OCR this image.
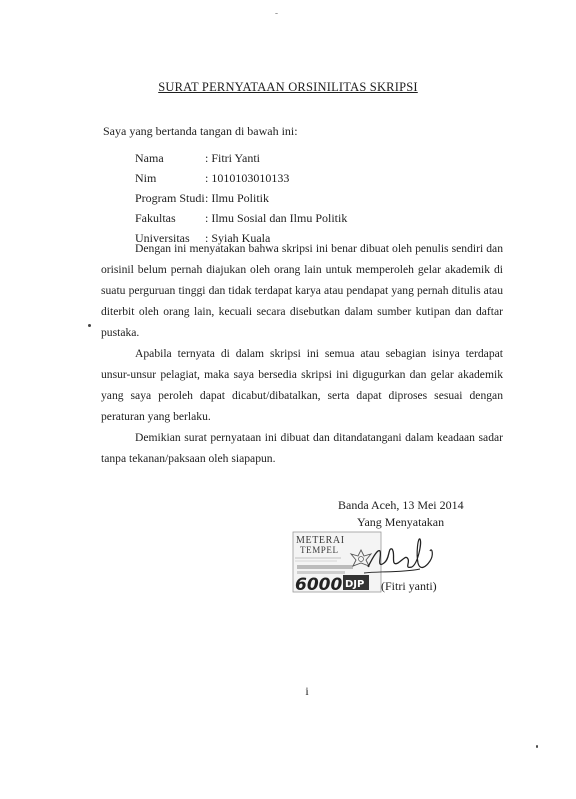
SURAT PERNYATAAN ORSINILITAS SKRIPSI
Saya yang bertanda tangan di bawah ini:
Nama	: Fitri Yanti
Nim	: 1010103010133
Program Studi : Ilmu Politik
Fakultas	: Ilmu Sosial dan Ilmu Politik
Universitas	: Syiah Kuala
Dengan ini menyatakan bahwa skripsi ini benar dibuat oleh penulis sendiri dan orisinil belum pernah diajukan oleh orang lain untuk memperoleh gelar akademik di suatu perguruan tinggi dan tidak terdapat karya atau pendapat yang pernah ditulis atau diterbit oleh orang lain, kecuali secara disebutkan dalam sumber kutipan dan daftar pustaka.
Apabila ternyata di dalam skripsi ini semua atau sebagian isinya terdapat unsur-unsur pelagiat, maka saya bersedia skripsi ini digugurkan dan gelar akademik yang saya peroleh dapat dicabut/dibatalkan, serta dapat diproses sesuai dengan peraturan yang berlaku.
Demikian surat pernyataan ini dibuat dan ditandatangani dalam keadaan sadar tanpa tekanan/paksaan oleh siapapun.
Banda Aceh, 13 Mei 2014
Yang Menyatakan
METERAI
TEMPEL
6000 DJP (Fitri yanti)
i
